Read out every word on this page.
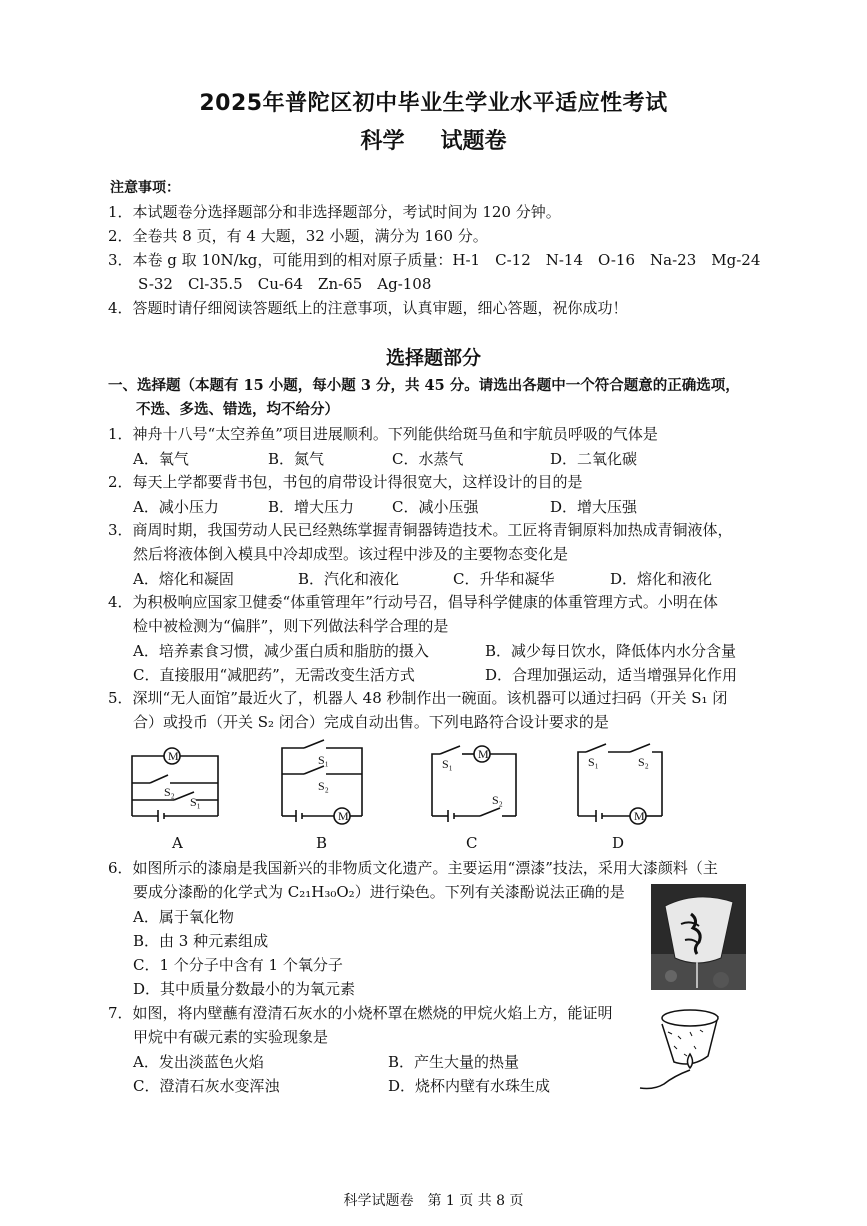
2025年普陀区初中毕业生学业水平适应性考试
科学 试题卷
注意事项：
1．本试题卷分选择题部分和非选择题部分，考试时间为 120 分钟。
2．全卷共 8 页，有 4 大题，32 小题，满分为 160 分。
3．本卷 g 取 10N/kg，可能用到的相对原子质量：H-1　C-12　N-14　O-16　Na-23　Mg-24
　　S-32　Cl-35.5　Cu-64　Zn-65　Ag-108
4．答题时请仔细阅读答题纸上的注意事项，认真审题，细心答题，祝你成功！
选择题部分
一、选择题（本题有 15 小题，每小题 3 分，共 45 分。请选出各题中一个符合题意的正确选项，
不选、多选、错选，均不给分）
1．神舟十八号“太空养鱼”项目进展顺利。下列能供给斑马鱼和宇航员呼吸的气体是
A．氧气	B．氮气	C．水蒸气	D．二氧化碳
2．每天上学都要背书包，书包的肩带设计得很宽大，这样设计的目的是
A．减小压力	B．增大压力	C．减小压强	D．增大压强
3．商周时期，我国劳动人民已经熟练掌握青铜器铸造技术。工匠将青铜原料加热成青铜液体，
然后将液体倒入模具中冷却成型。该过程中涉及的主要物态变化是
A．熔化和凝固	B．汽化和液化	C．升华和凝华	D．熔化和液化
4．为积极响应国家卫健委“体重管理年”行动号召，倡导科学健康的体重管理方式。小明在体
检中被检测为“偏胖”，则下列做法科学合理的是
A．培养素食习惯，减少蛋白质和脂肪的摄入	B．减少每日饮水，降低体内水分含量
C．直接服用“减肥药”，无需改变生活方式	D．合理加强运动，适当增强异化作用
5．深圳“无人面馆”最近火了，机器人 48 秒制作出一碗面。该机器可以通过扫码（开关 S₁ 闭
合）或投币（开关 S₂ 闭合）完成自动出售。下列电路符合设计要求的是
M
S₂
S₁
S₁
S₂
M
S₁
M
S₂
S₁	S₂
M
A	B	C	D
6．如图所示的漆扇是我国新兴的非物质文化遗产。主要运用“漂漆”技法，采用大漆颜料（主
要成分漆酚的化学式为 C₂₁H₃₀O₂）进行染色。下列有关漆酚说法正确的是
A．属于氧化物
B．由 3 种元素组成
C．1 个分子中含有 1 个氧分子
D．其中质量分数最小的为氧元素
7．如图，将内壁蘸有澄清石灰水的小烧杯罩在燃烧的甲烷火焰上方，能证明
甲烷中有碳元素的实验现象是
A．发出淡蓝色火焰	B．产生大量的热量
C．澄清石灰水变浑浊	D．烧杯内壁有水珠生成
科学试题卷　第 1 页 共 8 页
